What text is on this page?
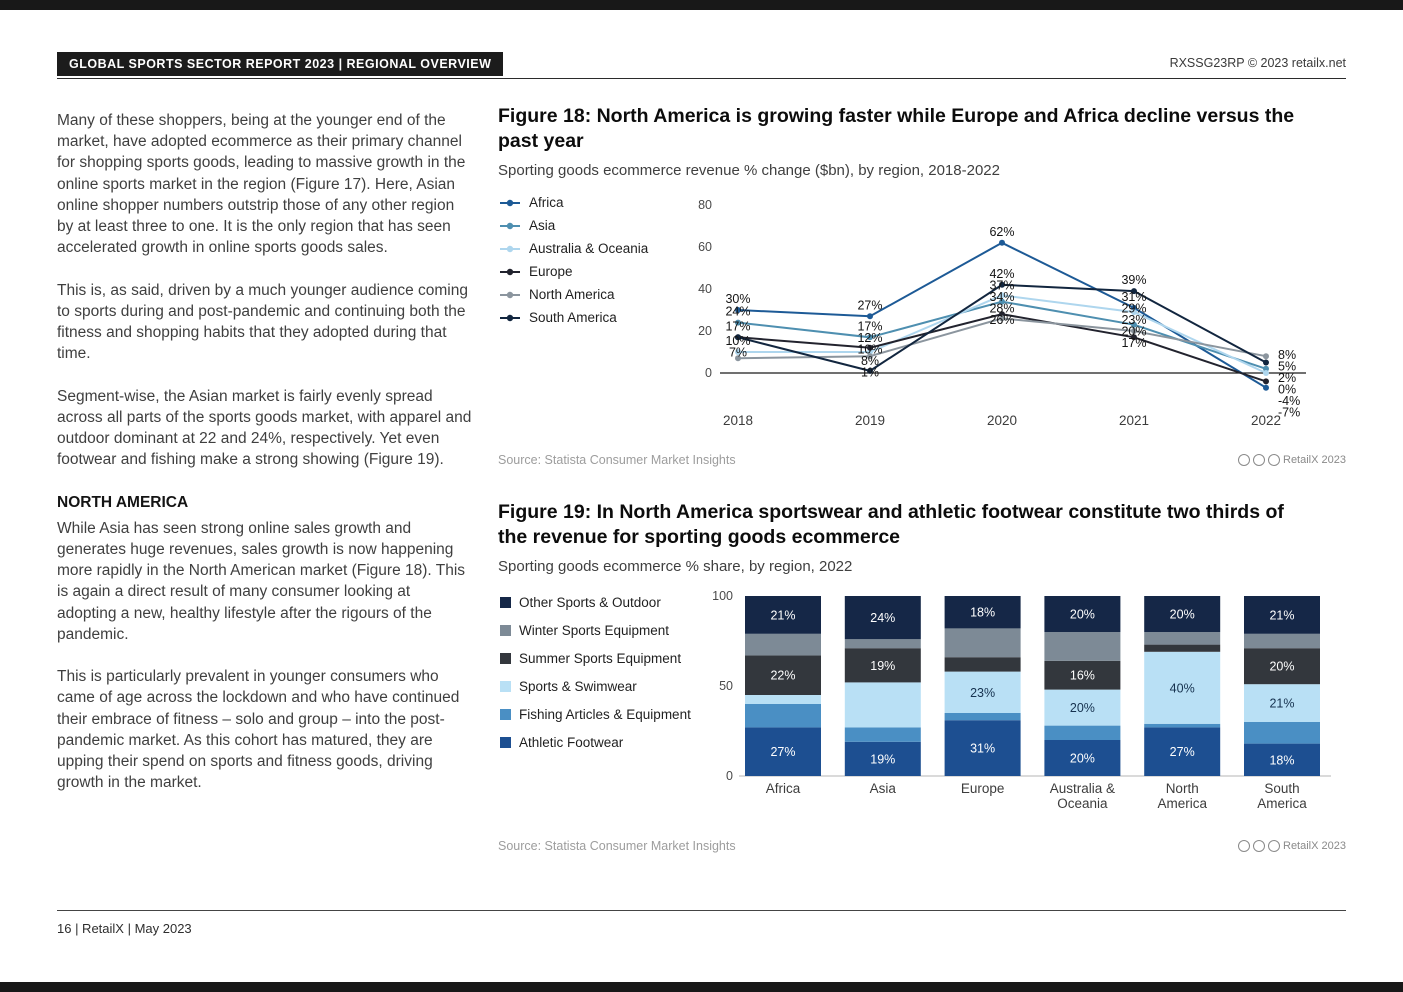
GLOBAL SPORTS SECTOR REPORT 2023 | REGIONAL OVERVIEW	RXSSG23RP © 2023 retailx.net

Many of these shoppers, being at the younger end of the market, have adopted ecommerce as their primary channel for shopping sports goods, leading to massive growth in the online sports market in the region (Figure 17). Here, Asian online shopper numbers outstrip those of any other region by at least three to one. It is the only region that has seen accelerated growth in online sports goods sales.

This is, as said, driven by a much younger audience coming to sports during and post-pandemic and continuing both the fitness and shopping habits that they adopted during that time.

Segment-wise, the Asian market is fairly evenly spread across all parts of the sports goods market, with apparel and outdoor dominant at 22 and 24%, respectively. Yet even footwear and fishing make a strong showing (Figure 19).

NORTH AMERICA

While Asia has seen strong online sales growth and generates huge revenues, sales growth is now happening more rapidly in the North American market (Figure 18). This is again a direct result of many consumer looking at adopting a new, healthy lifestyle after the rigours of the pandemic.

This is particularly prevalent in younger consumers who came of age across the lockdown and who have continued their embrace of fitness – solo and group – into the post-pandemic market. As this cohort has matured, they are upping their spend on sports and fitness goods, driving growth in the market.

Figure 18: North America is growing faster while Europe and Africa decline versus the past year
Sporting goods ecommerce revenue % change ($bn), by region, 2018-2022
Africa
Asia
Australia & Oceania
Europe
North America
South America
0
20
40
60
80
2018	2019	2020	2021	2022
30%
24%
17%
10%
7%
27%
17%
12%
10%
8%
1%
62%
42%
37%
34%
28%
26%
39%
31%
29%
23%
20%
17%
8%
5%
2%
0%
-4%
-7%
Source: Statista Consumer Market Insights	RetailX 2023
Figure 19: In North America sportswear and athletic footwear constitute two thirds of the revenue for sporting goods ecommerce
Sporting goods ecommerce % share, by region, 2022
Other Sports & Outdoor
Winter Sports Equipment
Summer Sports Equipment
Sports & Swimwear
Fishing Articles & Equipment
Athletic Footwear
0
50
100
27%
22%
21%
Africa
19%
19%
24%
Asia
31%
23%
18%
Europe
20%
20%
16%
20%
Australia &
Oceania
27%
40%
20%
North
America
18%
21%
20%
21%
South
America
Source: Statista Consumer Market Insights	RetailX 2023
16 | RetailX | May 2023
